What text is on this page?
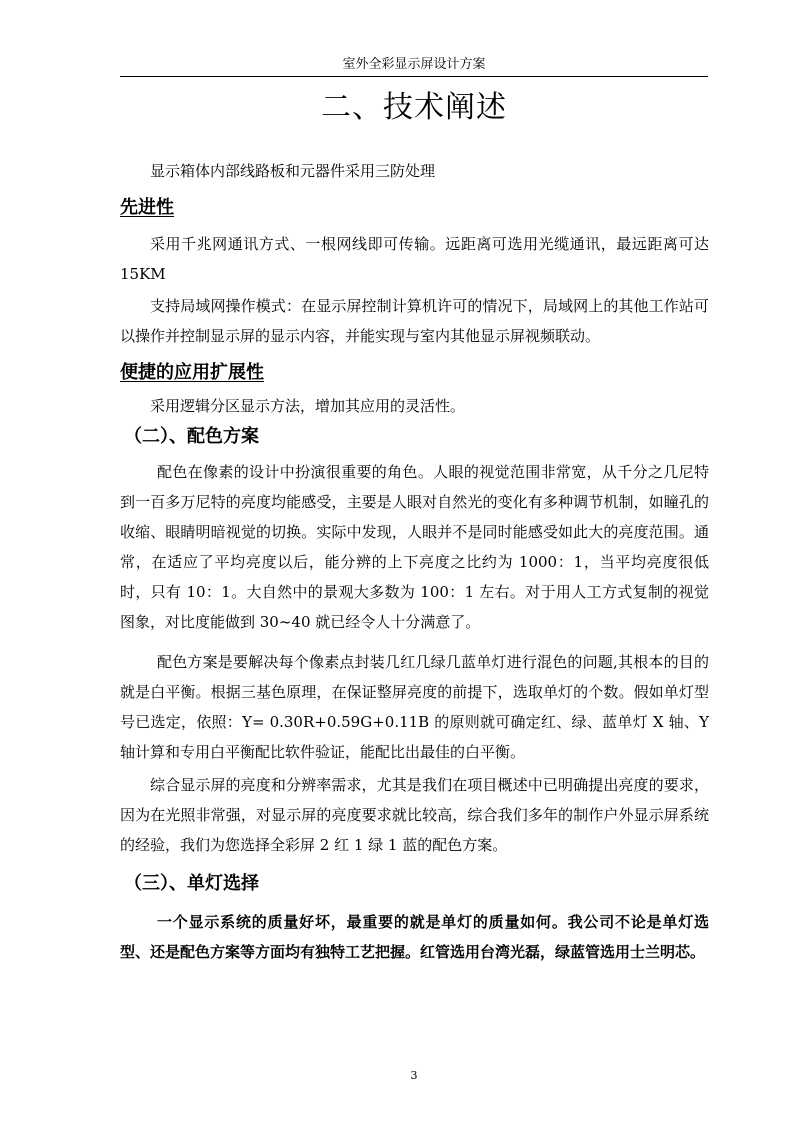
室外全彩显示屏设计方案
二、技术阐述

显示箱体内部线路板和元器件采用三防处理

先进性

采用千兆网通讯方式、一根网线即可传输。远距离可选用光缆通讯，最远距离可达 15KM

支持局域网操作模式：在显示屏控制计算机许可的情况下，局域网上的其他工作站可以操作并控制显示屏的显示内容，并能实现与室内其他显示屏视频联动。

便捷的应用扩展性

采用逻辑分区显示方法，增加其应用的灵活性。

（二）、配色方案

配色在像素的设计中扮演很重要的角色。人眼的视觉范围非常宽，从千分之几尼特到一百多万尼特的亮度均能感受，主要是人眼对自然光的变化有多种调节机制，如瞳孔的收缩、眼睛明暗视觉的切换。实际中发现，人眼并不是同时能感受如此大的亮度范围。通常，在适应了平均亮度以后，能分辨的上下亮度之比约为 1000：1，当平均亮度很低时，只有 10：1。大自然中的景观大多数为 100：1 左右。对于用人工方式复制的视觉图象，对比度能做到 30~40 就已经令人十分满意了。

配色方案是要解决每个像素点封装几红几绿几蓝单灯进行混色的问题,其根本的目的就是白平衡。根据三基色原理，在保证整屏亮度的前提下，选取单灯的个数。假如单灯型号已选定，依照：Y= 0.30R+0.59G+0.11B 的原则就可确定红、绿、蓝单灯 X 轴、Y 轴计算和专用白平衡配比软件验证，能配比出最佳的白平衡。

综合显示屏的亮度和分辨率需求，尤其是我们在项目概述中已明确提出亮度的要求，因为在光照非常强，对显示屏的亮度要求就比较高，综合我们多年的制作户外显示屏系统的经验，我们为您选择全彩屏 2 红 1 绿 1 蓝的配色方案。

（三）、单灯选择

一个显示系统的质量好坏，最重要的就是单灯的质量如何。我公司不论是单灯选型、还是配色方案等方面均有独特工艺把握。红管选用台湾光磊，绿蓝管选用士兰明芯。

3
